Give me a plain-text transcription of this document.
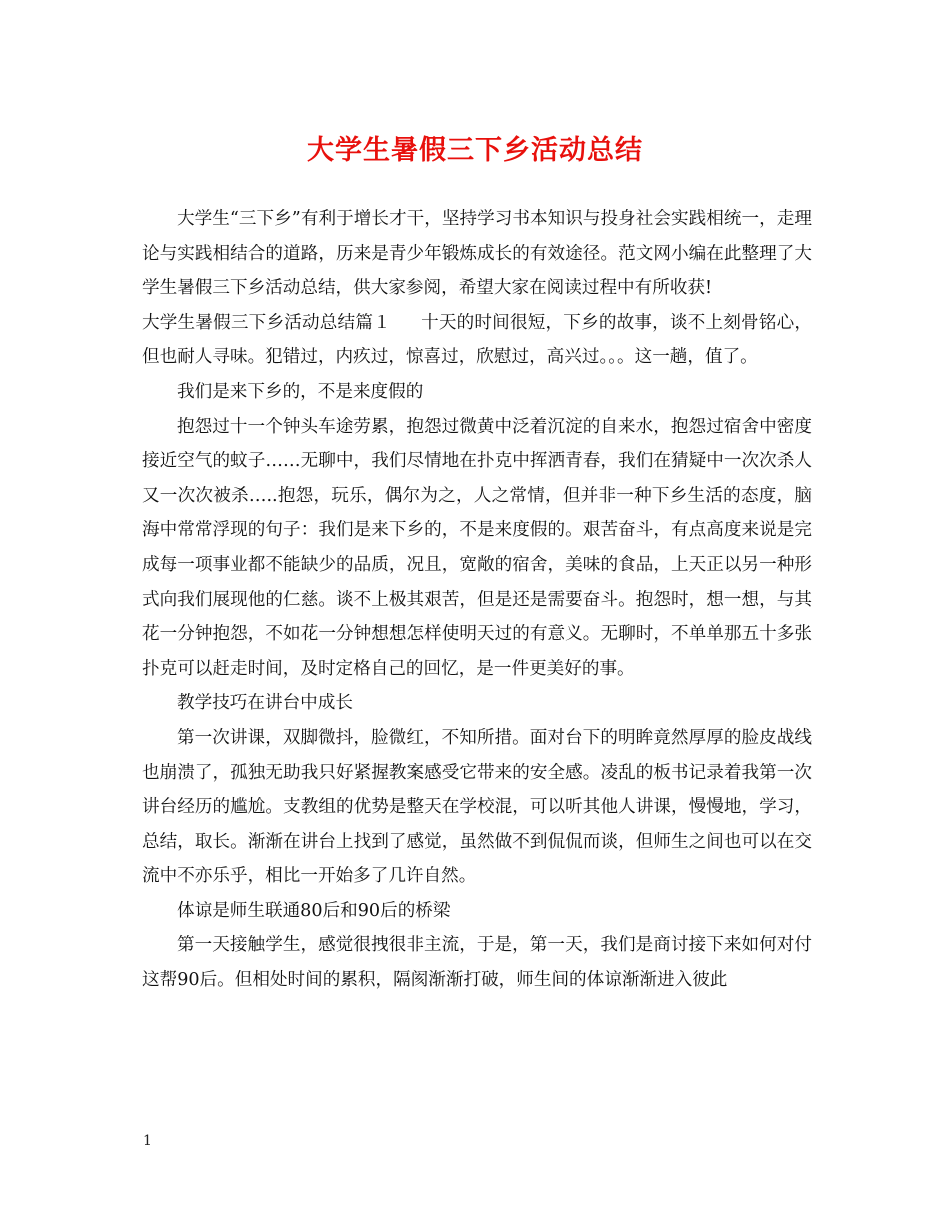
大学生暑假三下乡活动总结

大学生“三下乡”有利于增长才干，坚持学习书本知识与投身社会实践相统一，走理论与实践相结合的道路，历来是青少年锻炼成长的有效途径。范文网小编在此整理了大学生暑假三下乡活动总结，供大家参阅，希望大家在阅读过程中有所收获!
大学生暑假三下乡活动总结篇１ 十天的时间很短，下乡的故事，谈不上刻骨铭心，但也耐人寻味。犯错过，内疚过，惊喜过，欣慰过，高兴过。。。这一趟，值了。

我们是来下乡的，不是来度假的

抱怨过十一个钟头车途劳累，抱怨过微黄中泛着沉淀的自来水，抱怨过宿舍中密度接近空气的蚊子……无聊中，我们尽情地在扑克中挥洒青春，我们在猜疑中一次次杀人又一次次被杀…..抱怨，玩乐，偶尔为之，人之常情，但并非一种下乡生活的态度，脑海中常常浮现的句子：我们是来下乡的，不是来度假的。艰苦奋斗，有点高度来说是完成每一项事业都不能缺少的品质，况且，宽敞的宿舍，美味的食品，上天正以另一种形式向我们展现他的仁慈。谈不上极其艰苦，但是还是需要奋斗。抱怨时，想一想，与其花一分钟抱怨，不如花一分钟想想怎样使明天过的有意义。无聊时，不单单那五十多张扑克可以赶走时间，及时定格自己的回忆，是一件更美好的事。

教学技巧在讲台中成长

第一次讲课，双脚微抖，脸微红，不知所措。面对台下的明眸竟然厚厚的脸皮战线也崩溃了，孤独无助我只好紧握教案感受它带来的安全感。凌乱的板书记录着我第一次讲台经历的尴尬。支教组的优势是整天在学校混，可以听其他人讲课，慢慢地，学习，总结，取长。渐渐在讲台上找到了感觉，虽然做不到侃侃而谈，但师生之间也可以在交流中不亦乐乎，相比一开始多了几许自然。

体谅是师生联通80后和90后的桥梁

第一天接触学生，感觉很拽很非主流，于是，第一天，我们是商讨接下来如何对付这帮90后。但相处时间的累积，隔阂渐渐打破，师生间的体谅渐渐进入彼此

1
